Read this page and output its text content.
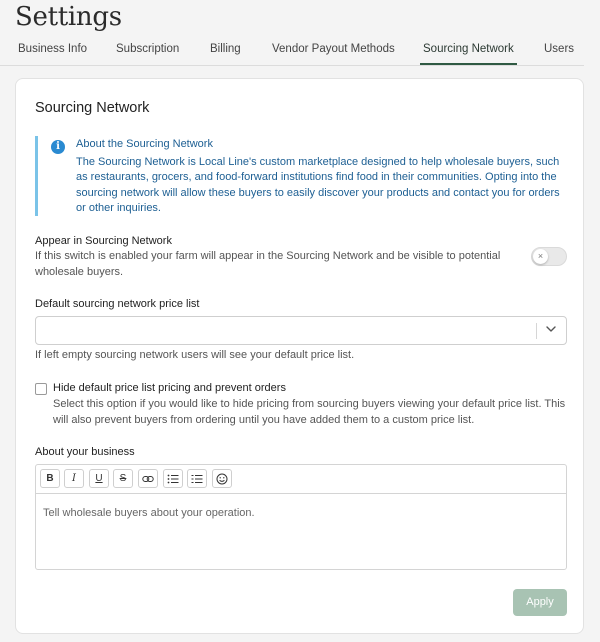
Settings
Business Info	Subscription	Billing	Vendor Payout Methods Sourcing Network	Users
Sourcing Network
i	About the Sourcing Network
The Sourcing Network is Local Line's custom marketplace designed to help wholesale buyers, such as restaurants, grocers, and food-forward institutions find food in their communities. Opting into the sourcing network will allow these buyers to easily discover your products and contact you for orders or other inquiries.
Appear in Sourcing Network
If this switch is enabled your farm will appear in the Sourcing Network and be visible to potential wholesale buyers.
×
Default sourcing network price list
If left empty sourcing network users will see your default price list.
Hide default price list pricing and prevent orders
Select this option if you would like to hide pricing from sourcing buyers viewing your default price list. This will also prevent buyers from ordering until you have added them to a custom price list.
About your business
B	I	U	S
Tell wholesale buyers about your operation.
Apply
